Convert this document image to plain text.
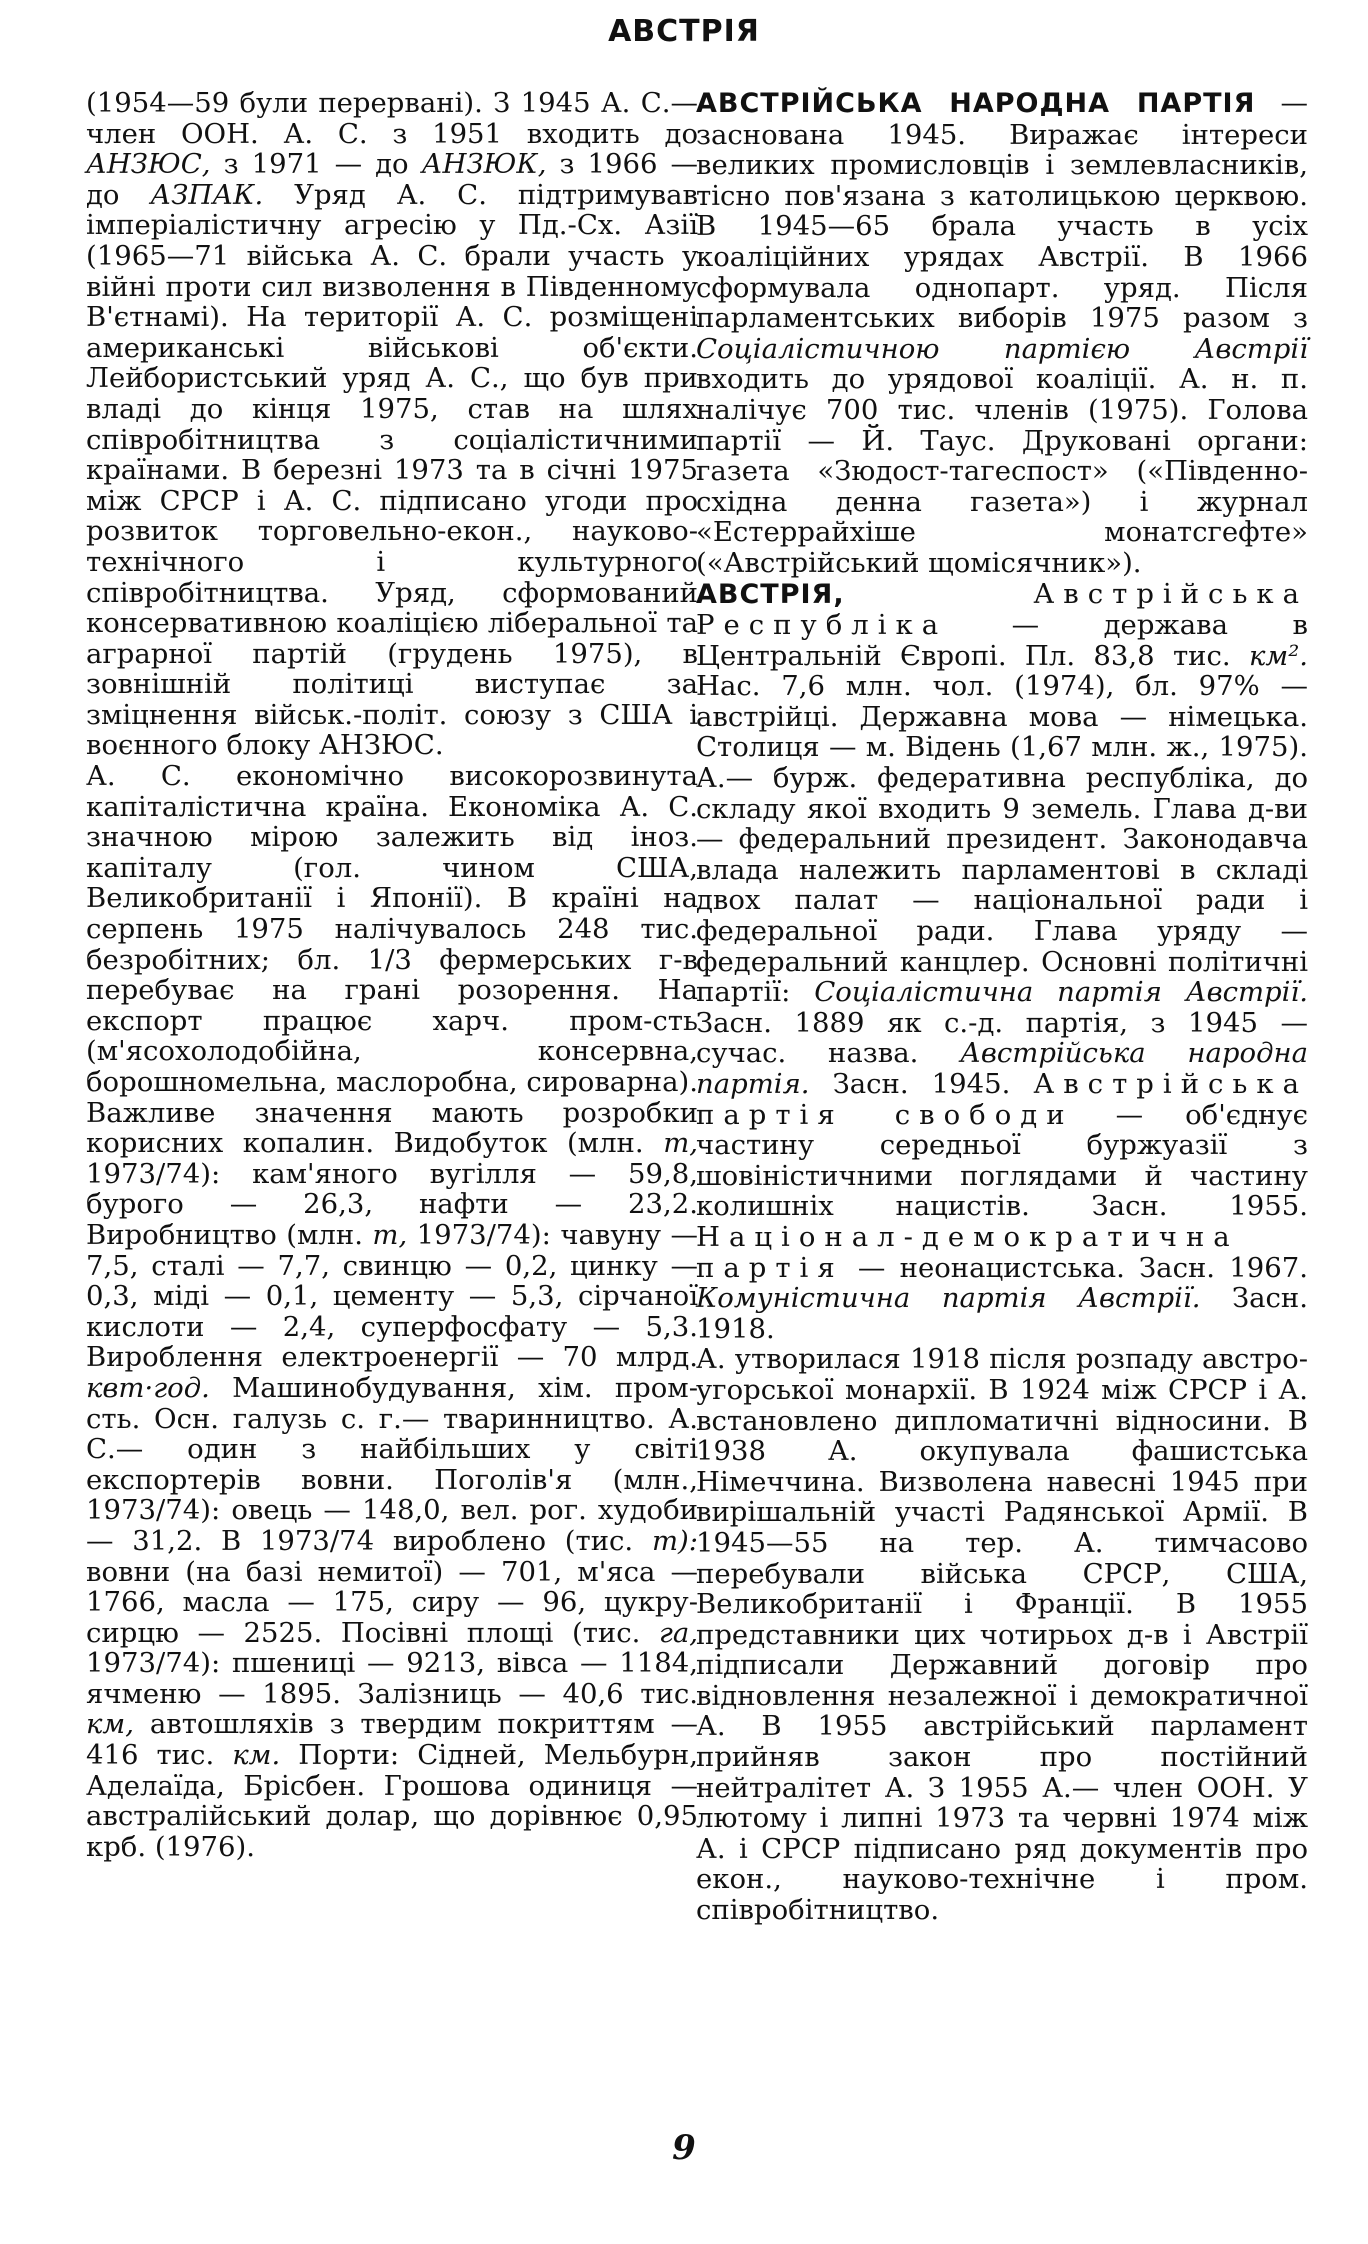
АВСТРІЯ

(1954—59 були перервані). З 1945 А. С.— член ООН. А. С. з 1951 входить до АНЗЮС, з 1971 — до АНЗЮК, з 1966 — до АЗПАК. Уряд А. С. підтримував імперіалістичну агресію у Пд.-Сх. Азії (1965—71 війська А. С. брали участь у війні проти сил визволення в Південному В'єтнамі). На території А. С. розміщені американські військові об'єкти. Лейбористський уряд А. С., що був при владі до кінця 1975, став на шлях співробітництва з соціалістичними країнами. В березні 1973 та в січні 1975 між СРСР і А. С. підписано угоди про розвиток торговельно-екон., науково-технічного і культурного співробітництва. Уряд, сформований консервативною коаліцією ліберальної та аграрної партій (грудень 1975), в зовнішній політиці виступає за зміцнення військ.-політ. союзу з США і воєнного блоку АНЗЮС.

А. С. економічно високорозвинута капіталістична країна. Економіка А. С. значною мірою залежить від іноз. капіталу (гол. чином США, Великобританії і Японії). В країні на серпень 1975 налічувалось 248 тис. безробітних; бл. 1/3 фермерських г-в перебуває на грані розорення. На експорт працює харч. пром-сть (м'ясохолодобійна, консервна, борошномельна, маслоробна, сироварна). Важливе значення мають розробки корисних копалин. Видобуток (млн. т, 1973/74): кам'яного вугілля — 59,8, бурого — 26,3, нафти — 23,2. Виробництво (млн. т, 1973/74): чавуну — 7,5, сталі — 7,7, свинцю — 0,2, цинку — 0,3, міді — 0,1, цементу — 5,3, сірчаної кислоти — 2,4, суперфосфату — 5,3. Вироблення електроенергії — 70 млрд. квт·год. Машинобудування, хім. пром-сть. Осн. галузь с. г.— тваринництво. А. С.— один з найбільших у світі експортерів вовни. Поголів'я (млн., 1973/74): овець — 148,0, вел. рог. худоби — 31,2. В 1973/74 вироблено (тис. т): вовни (на базі немитої) — 701, м'яса — 1766, масла — 175, сиру — 96, цукру-сирцю — 2525. Посівні площі (тис. га, 1973/74): пшениці — 9213, вівса — 1184, ячменю — 1895. Залізниць — 40,6 тис. км, автошляхів з твердим покриттям — 416 тис. км. Порти: Сідней, Мельбурн, Аделаїда, Брісбен. Грошова одиниця — австралійський долар, що дорівнює 0,95 крб. (1976).

АВСТРІЙСЬКА НАРОДНА ПАРТІЯ — заснована 1945. Виражає інтереси великих промисловців і землевласників, тісно пов'язана з католицькою церквою. В 1945—65 брала участь в усіх коаліційних урядах Австрії. В 1966 сформувала однопарт. уряд. Після парламентських виборів 1975 разом з Соціалістичною партією Австрії входить до урядової коаліції. А. н. п. налічує 700 тис. членів (1975). Голова партії — Й. Таус. Друковані органи: газета «Зюдост-тагеспост» («Південно-східна денна газета») і журнал «Естеррайхіше монатсгефте» («Австрійський щомісячник»).

АВСТРІЯ,	Австрійська Республіка — держава в Центральній Європі. Пл. 83,8 тис. км². Нас. 7,6 млн. чол. (1974), бл. 97% — австрійці. Державна мова — німецька. Столиця — м. Відень (1,67 млн. ж., 1975). А.— бурж. федеративна республіка, до складу якої входить 9 земель. Глава д-ви — федеральний президент. Законодавча влада належить парламентові в складі двох палат — національної ради і федеральної ради. Глава уряду — федеральний канцлер. Основні політичні партії: Соціалістична партія Австрії. Засн. 1889 як с.-д. партія, з 1945 — сучас. назва. Австрійська народна партія. Засн. 1945. Австрійська партія свободи — об'єднує частину середньої буржуазії з шовіністичними поглядами й частину колишніх нацистів. Засн. 1955. Націонал-демократична партія — неонацистська. Засн. 1967. Комуністична партія Австрії. Засн. 1918.

А. утворилася 1918 після розпаду австро-угорської монархії. В 1924 між СРСР і А. встановлено дипломатичні відносини. В 1938 А. окупувала фашистська Німеччина. Визволена навесні 1945 при вирішальній участі Радянської Армії. В 1945—55 на тер. А. тимчасово перебували війська СРСР, США, Великобританії і Франції. В 1955 представники цих чотирьох д-в і Австрії підписали Державний договір про відновлення незалежної і демократичної А. В 1955 австрійський парламент прийняв закон про постійний нейтралітет А. З 1955 А.— член ООН. У лютому і липні 1973 та червні 1974 між А. і СРСР підписано ряд документів про екон., науково-технічне і пром. співробітництво.

9
